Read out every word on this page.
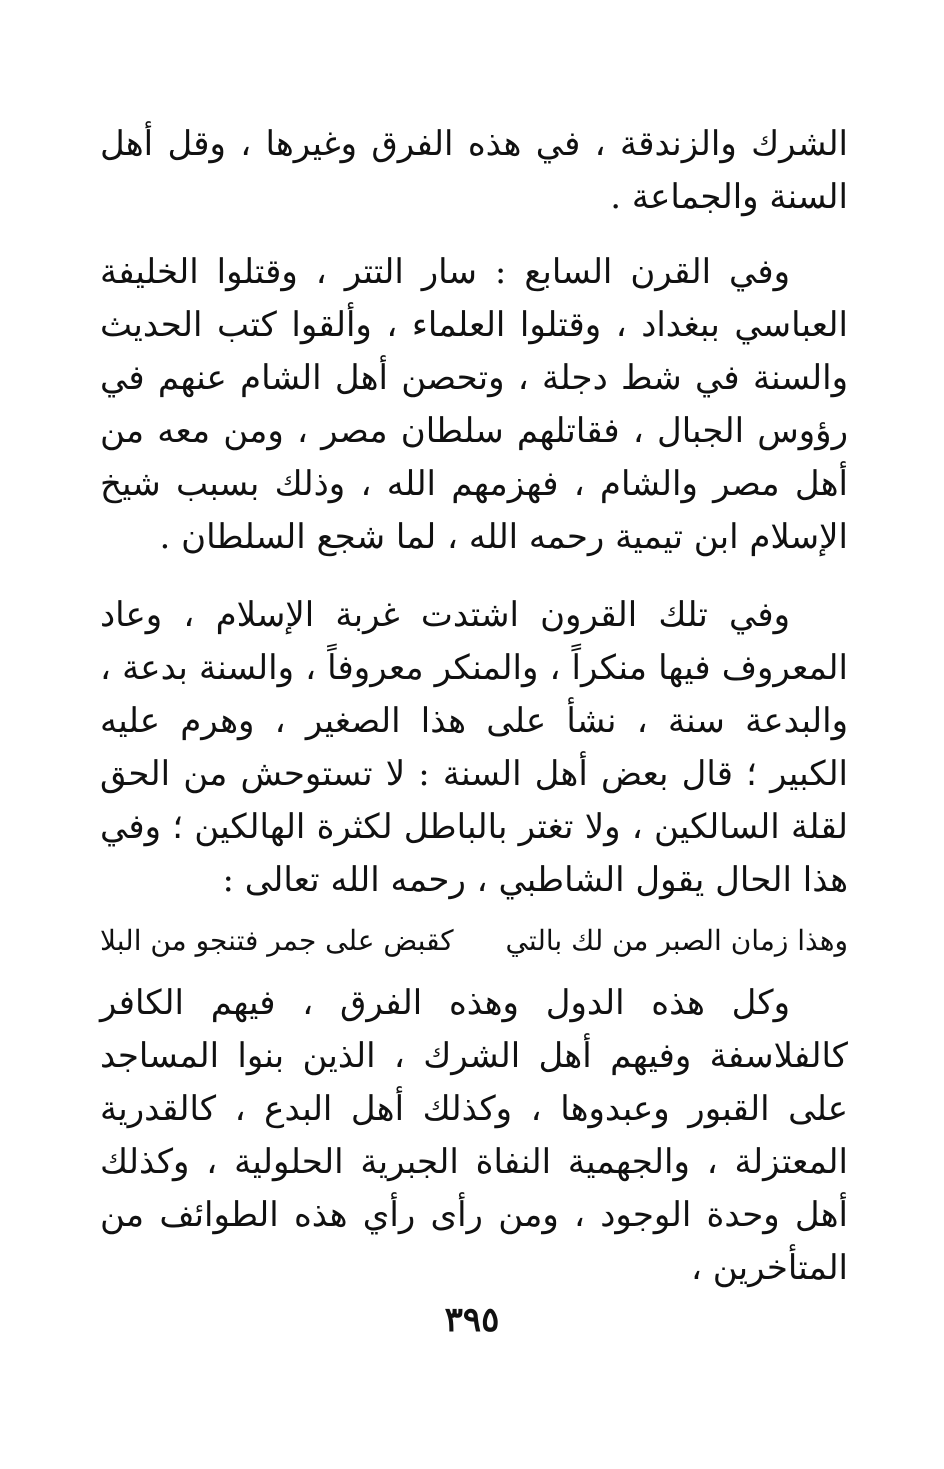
الشرك والزندقة ، في هذه الفرق وغيرها ، وقل أهل السنة والجماعة .

وفي القرن السابع : سار التتر ، وقتلوا الخليفة العباسي ببغداد ، وقتلوا العلماء ، وألقوا كتب الحديث والسنة في شط دجلة ، وتحصن أهل الشام عنهم في رؤوس الجبال ، فقاتلهم سلطان مصر ، ومن معه من أهل مصر والشام ، فهزمهم الله ، وذلك بسبب شيخ الإسلام ابن تيمية رحمه الله ، لما شجع السلطان .

وفي تلك القرون اشتدت غربة الإسلام ، وعاد المعروف فيها منكراً ، والمنكر معروفاً ، والسنة بدعة ، والبدعة سنة ، نشأ على هذا الصغير ، وهرم عليه الكبير ؛ قال بعض أهل السنة : لا تستوحش من الحق لقلة السالكين ، ولا تغتر بالباطل لكثرة الهالكين ؛ وفي هذا الحال يقول الشاطبي ، رحمه الله تعالى :

وهذا زمان الصبر من لك بالتي
كقبض على جمر فتنجو من البلا

وكل هذه الدول وهذه الفرق ، فيهم الكافر كالفلاسفة وفيهم أهل الشرك ، الذين بنوا المساجد على القبور وعبدوها ، وكذلك أهل البدع ، كالقدرية المعتزلة ، والجهمية النفاة الجبرية الحلولية ، وكذلك أهل وحدة الوجود ، ومن رأى رأي هذه الطوائف من المتأخرين ،

٣٩٥
